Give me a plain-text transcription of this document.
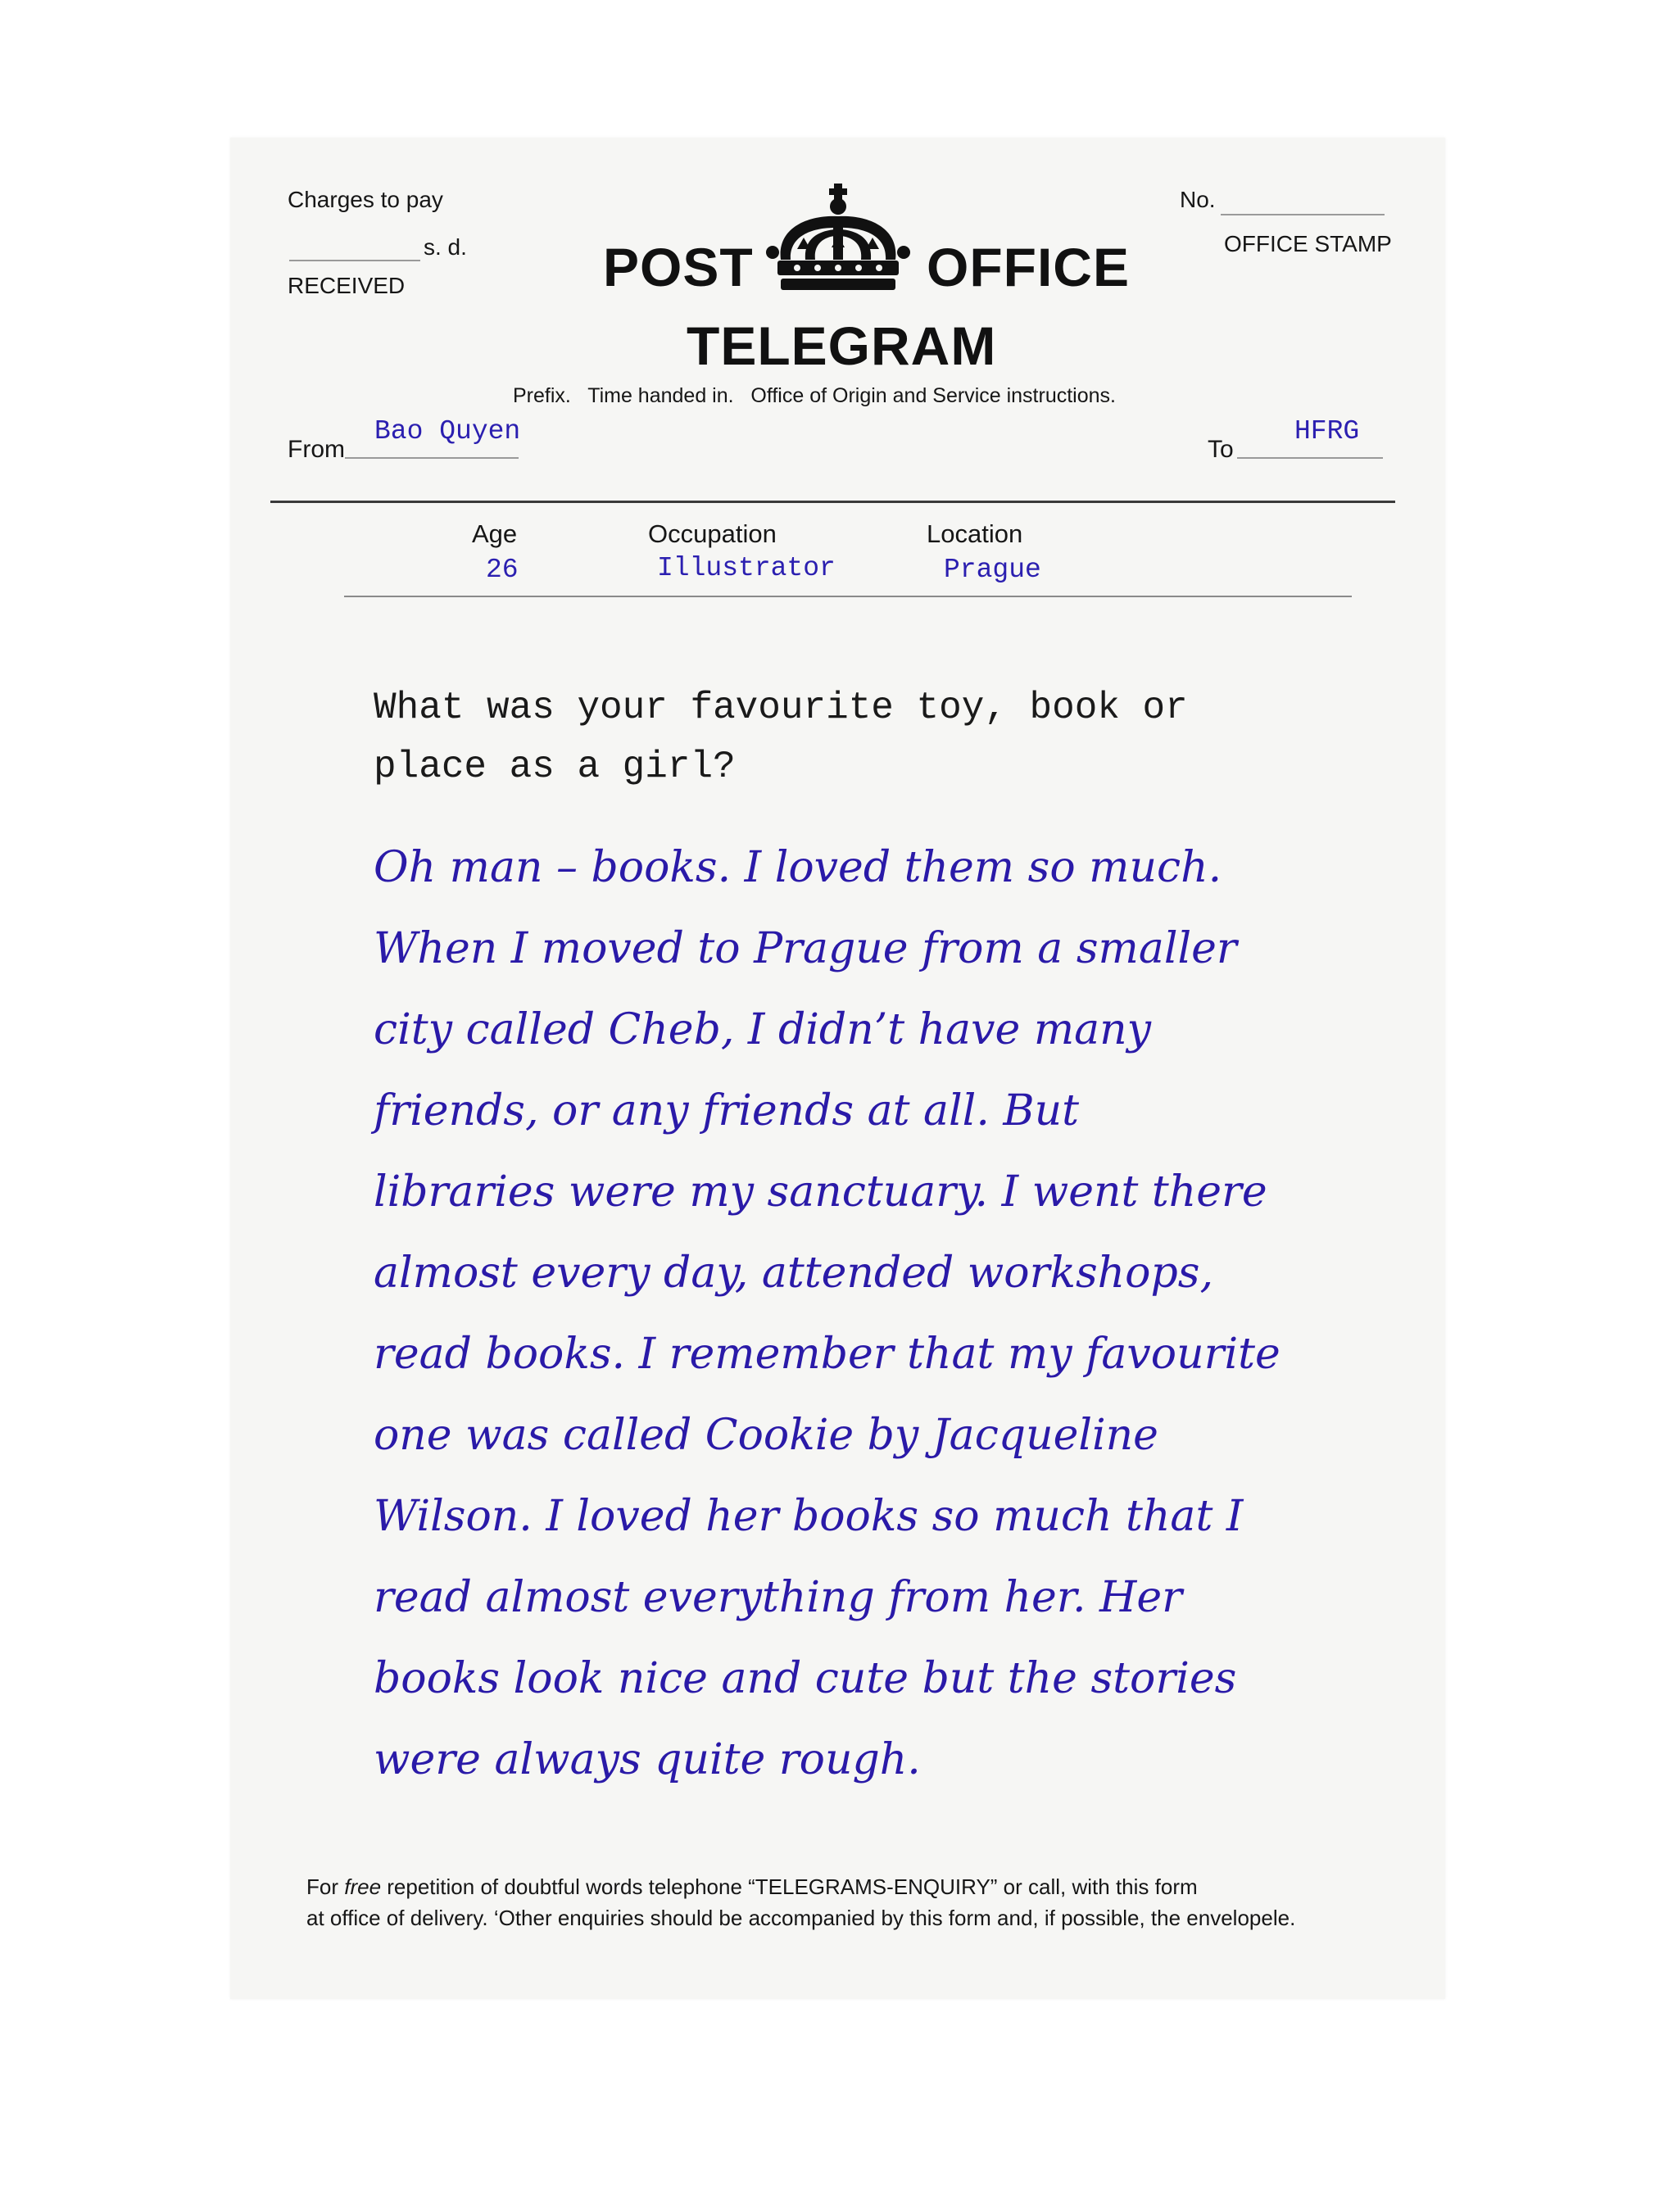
Charges to pay
s. d.
RECEIVED
No.
OFFICE STAMP
POST	OFFICE
TELEGRAM
Prefix.   Time handed in.   Office of Origin and Service instructions.
From
Bao Quyen
To
HFRG
Age
26
Occupation
Illustrator
Location
Prague
What was your favourite toy, book or
place as a girl?
Oh man – books. I loved them so much.
When I moved to Prague from a smaller
city called Cheb, I didn’t have many
friends, or any friends at all. But
libraries were my sanctuary. I went there
almost every day, attended workshops,
read books. I remember that my favourite
one was called Cookie by Jacqueline
Wilson. I loved her books so much that I
read almost everything from her. Her
books look nice and cute but the stories
were always quite rough.
For free repetition of doubtful words telephone “TELEGRAMS-ENQUIRY” or call, with this form
at office of delivery. ‘Other enquiries should be accompanied by this form and, if possible, the envelopele.
